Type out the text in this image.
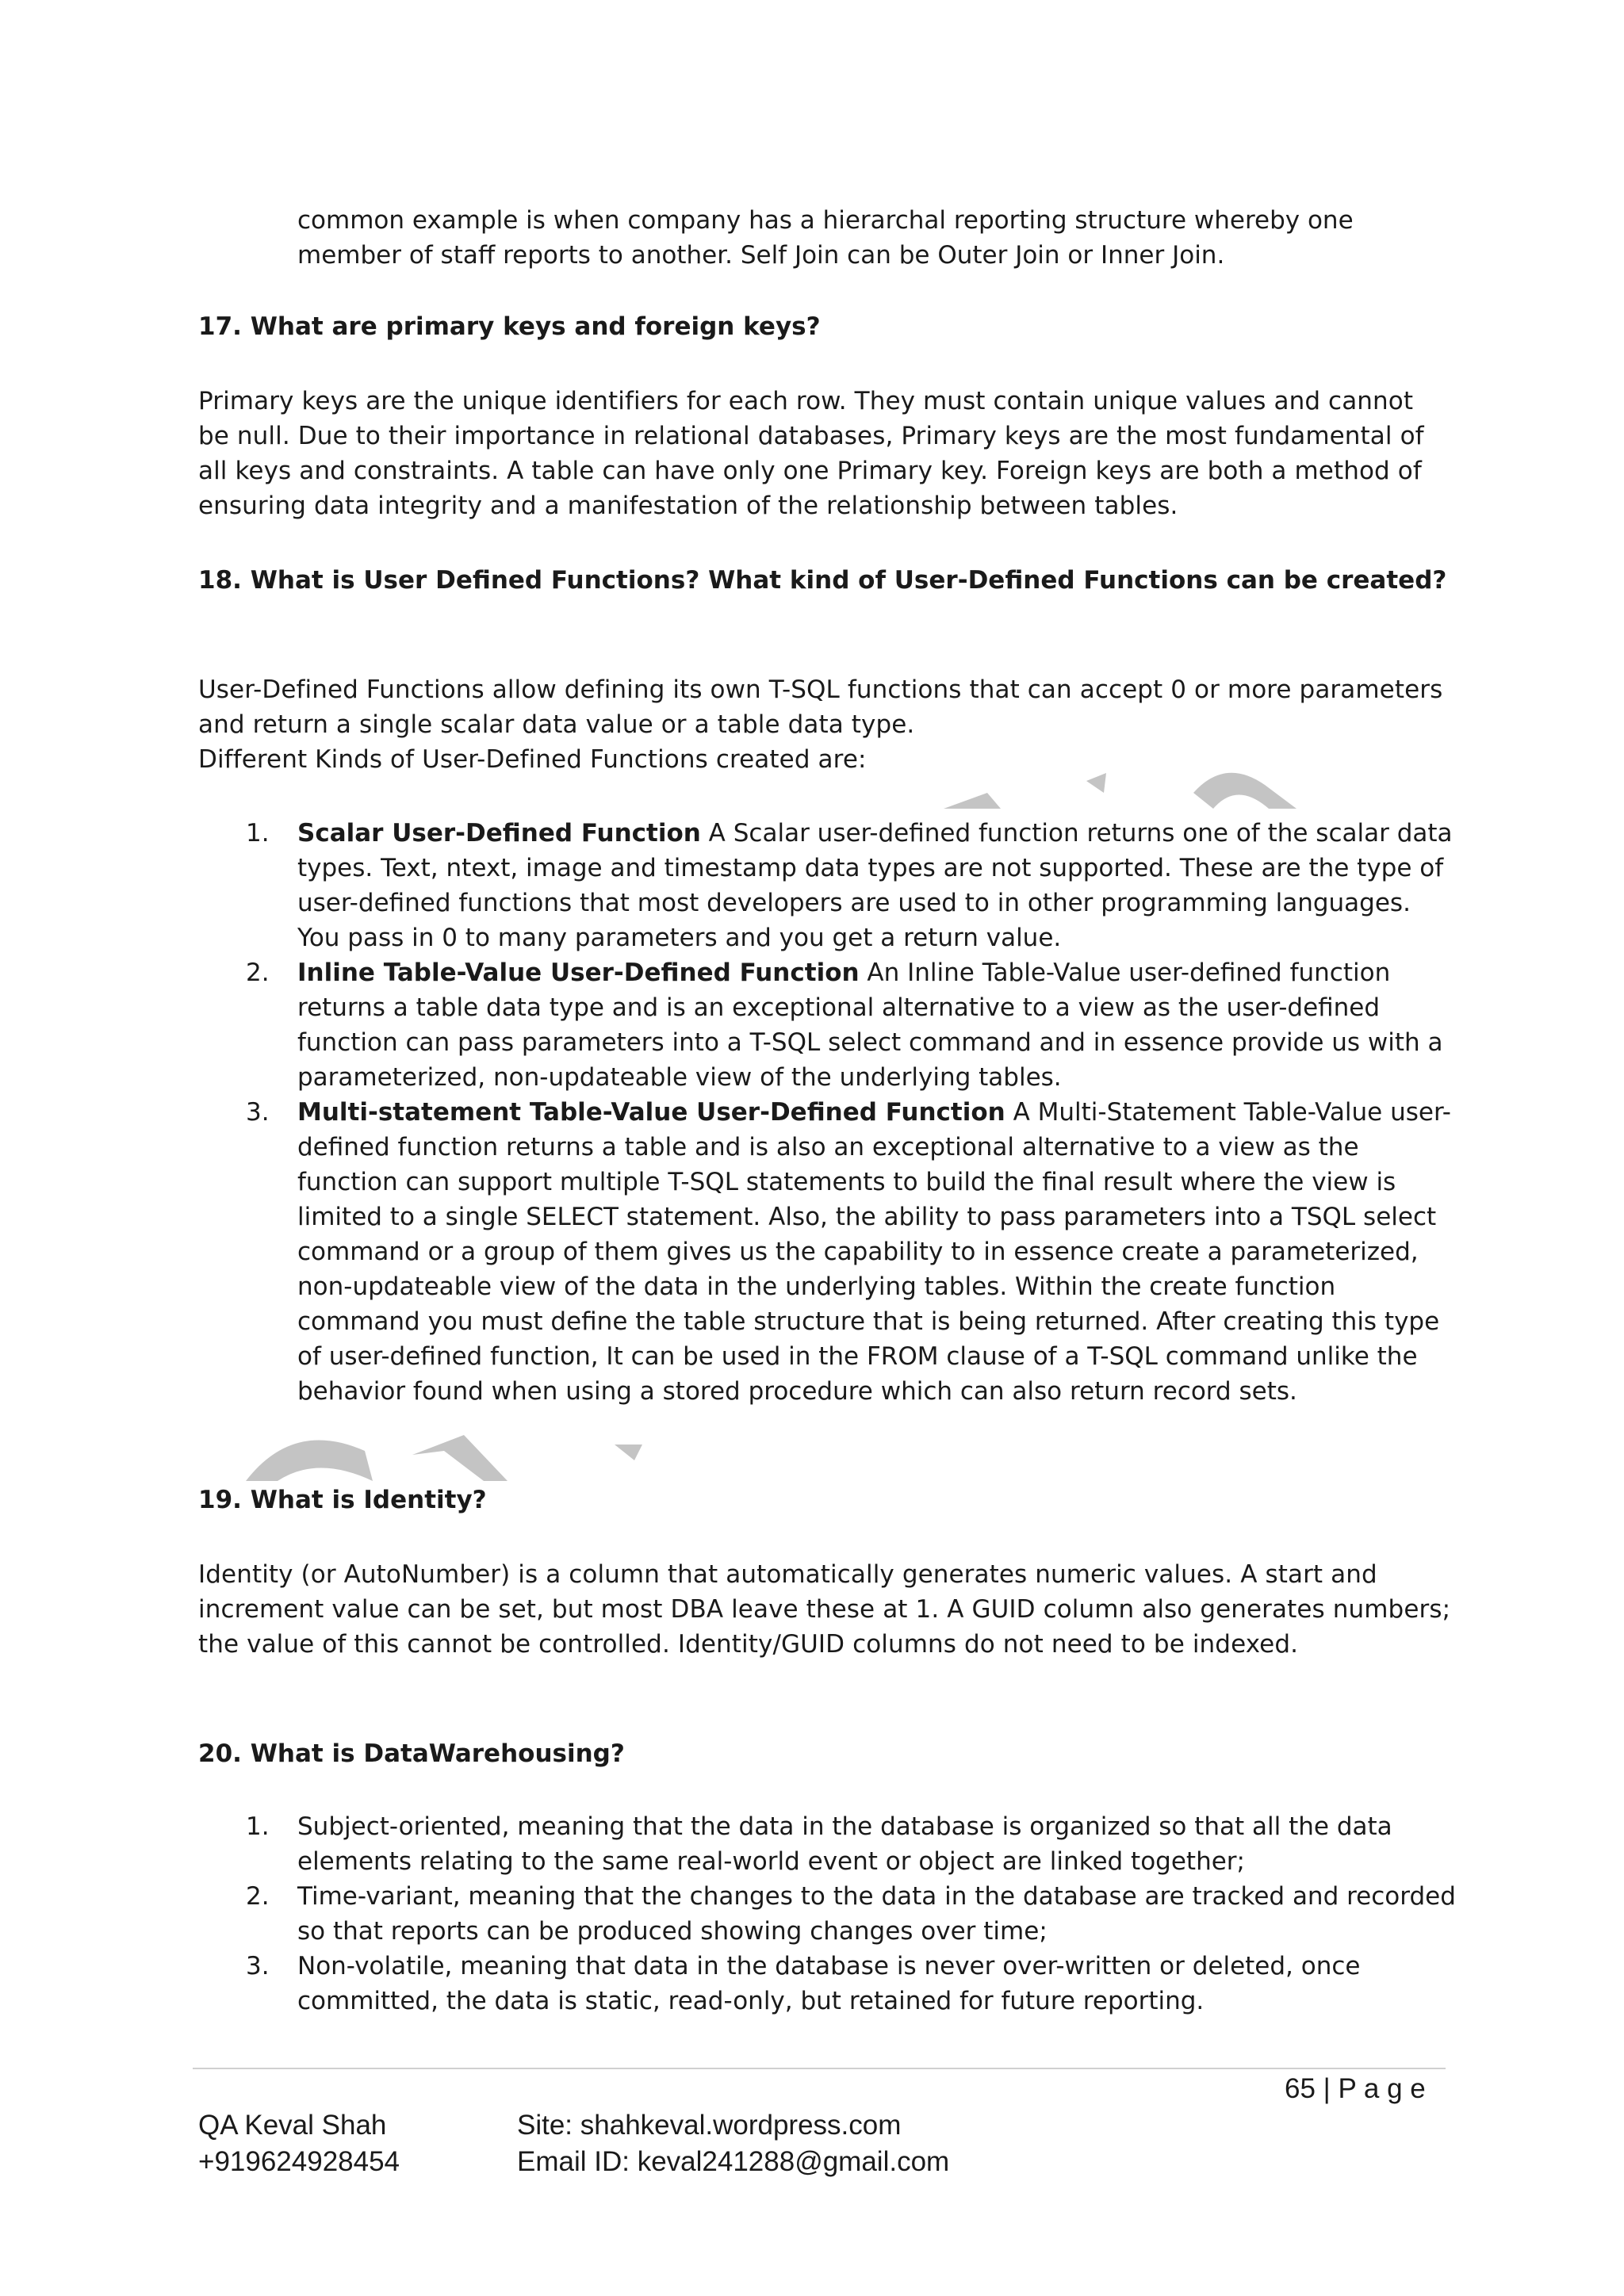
common example is when company has a hierarchal reporting structure whereby one member of staff reports to another. Self Join can be Outer Join or Inner Join.
17. What are primary keys and foreign keys?
Primary keys are the unique identifiers for each row. They must contain unique values and cannot be null. Due to their importance in relational databases, Primary keys are the most fundamental of all keys and constraints. A table can have only one Primary key. Foreign keys are both a method of ensuring data integrity and a manifestation of the relationship between tables.
18. What is User Defined Functions? What kind of User-Defined Functions can be created?
User-Defined Functions allow defining its own T-SQL functions that can accept 0 or more parameters and return a single scalar data value or a table data type.
Different Kinds of User-Defined Functions created are:
1. Scalar User-Defined Function A Scalar user-defined function returns one of the scalar data types. Text, ntext, image and timestamp data types are not supported. These are the type of user-defined functions that most developers are used to in other programming languages. You pass in 0 to many parameters and you get a return value.
2. Inline Table-Value User-Defined Function An Inline Table-Value user-defined function returns a table data type and is an exceptional alternative to a view as the user-defined function can pass parameters into a T-SQL select command and in essence provide us with a parameterized, non-updateable view of the underlying tables.
3. Multi-statement Table-Value User-Defined Function A Multi-Statement Table-Value user-defined function returns a table and is also an exceptional alternative to a view as the function can support multiple T-SQL statements to build the final result where the view is limited to a single SELECT statement. Also, the ability to pass parameters into a TSQL select command or a group of them gives us the capability to in essence create a parameterized, non-updateable view of the data in the underlying tables. Within the create function command you must define the table structure that is being returned. After creating this type of user-defined function, It can be used in the FROM clause of a T-SQL command unlike the behavior found when using a stored procedure which can also return record sets.
19. What is Identity?
Identity (or AutoNumber) is a column that automatically generates numeric values. A start and increment value can be set, but most DBA leave these at 1. A GUID column also generates numbers; the value of this cannot be controlled. Identity/GUID columns do not need to be indexed.
20. What is DataWarehousing?
1. Subject-oriented, meaning that the data in the database is organized so that all the data elements relating to the same real-world event or object are linked together;
2. Time-variant, meaning that the changes to the data in the database are tracked and recorded so that reports can be produced showing changes over time;
3. Non-volatile, meaning that data in the database is never over-written or deleted, once committed, the data is static, read-only, but retained for future reporting.
65 | P a g e
QA Keval Shah
+919624928454
Site: shahkeval.wordpress.com
Email ID: keval241288@gmail.com
